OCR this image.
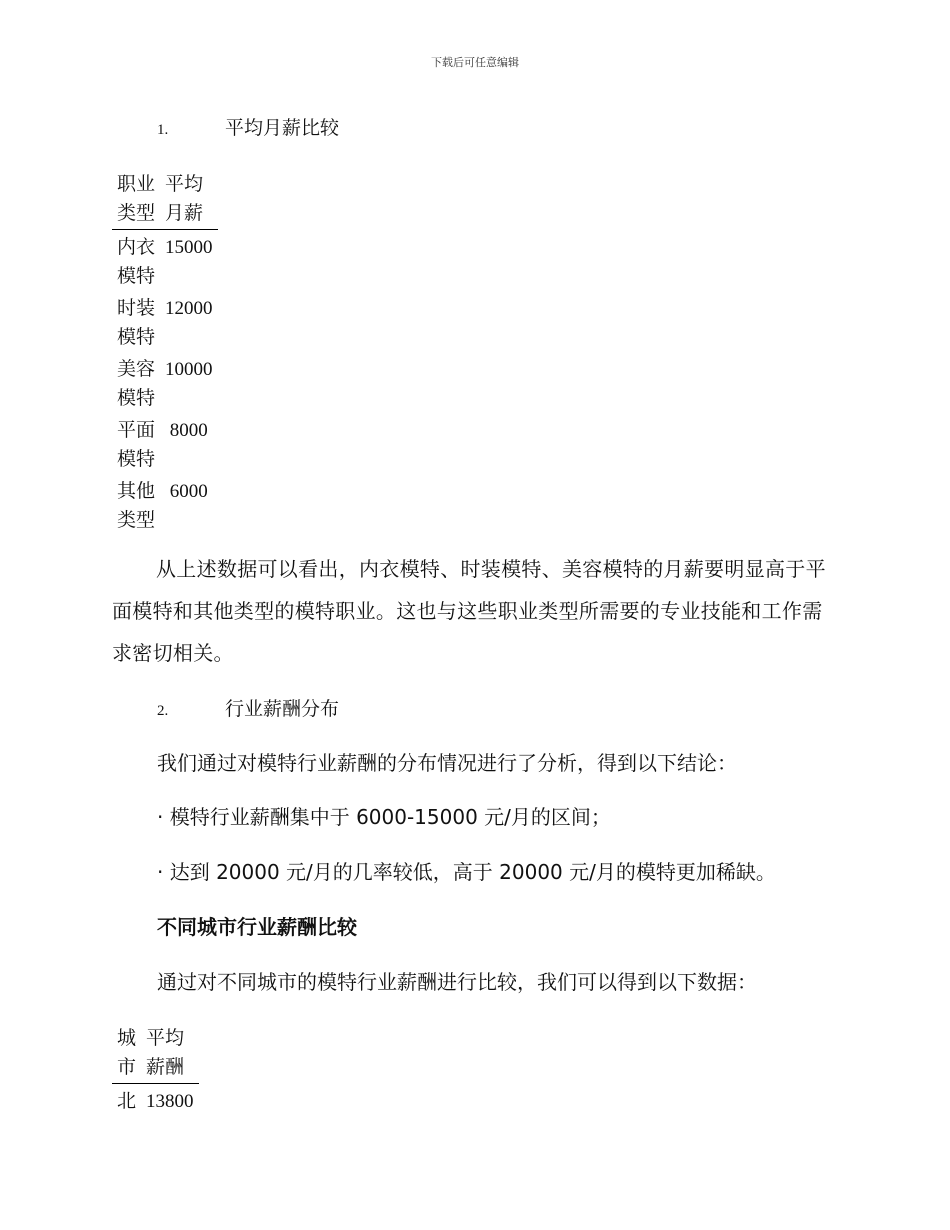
下载后可任意编辑
1.	平均月薪比较
职业
类型	平均
月薪

内衣
模特	15000

时装
模特	12000

美容
模特	10000

平面
模特	8000

其他
类型	6000
从上述数据可以看出，内衣模特、时装模特、美容模特的月薪要明显高于平面模特和其他类型的模特职业。这也与这些职业类型所需要的专业技能和工作需求密切相关。
2.	行业薪酬分布
我们通过对模特行业薪酬的分布情况进行了分析，得到以下结论：
· 模特行业薪酬集中于 6000-15000 元/月的区间；
· 达到 20000 元/月的几率较低，高于 20000 元/月的模特更加稀缺。
不同城市行业薪酬比较
通过对不同城市的模特行业薪酬进行比较，我们可以得到以下数据：
城
市	平均
薪酬

北	13800
